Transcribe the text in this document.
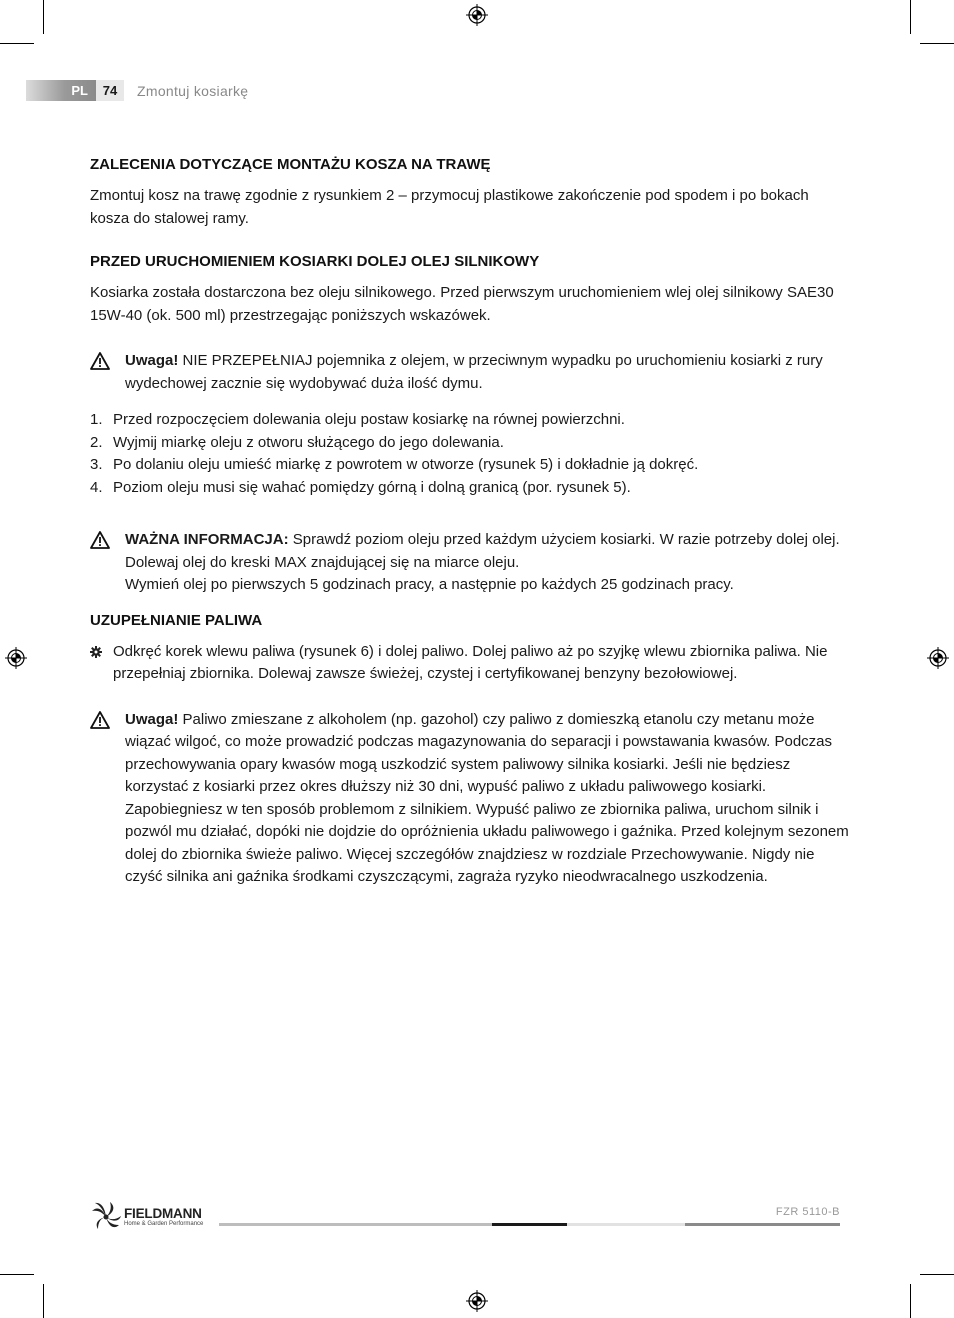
PL	74	Zmontuj kosiarkę
ZALECENIA DOTYCZĄCE MONTAŻU KOSZA NA TRAWĘ

Zmontuj kosz na trawę zgodnie z rysunkiem 2 – przymocuj plastikowe zakończenie pod spodem i po bokach kosza do stalowej ramy.

PRZED URUCHOMIENIEM KOSIARKI DOLEJ OLEJ SILNIKOWY

Kosiarka została dostarczona bez oleju silnikowego. Przed pierwszym uruchomieniem wlej olej silnikowy SAE30 15W-40 (ok. 500 ml) przestrzegając poniższych wskazówek.

Uwaga! NIE PRZEPEŁNIAJ pojemnika z olejem, w przeciwnym wypadku po uruchomieniu kosiarki z rury wydechowej zacznie się wydobywać duża ilość dymu.

1. Przed rozpoczęciem dolewania oleju postaw kosiarkę na równej powierzchni.
2. Wyjmij miarkę oleju z otworu służącego do jego dolewania.
3. Po dolaniu oleju umieść miarkę z powrotem w otworze (rysunek 5) i dokładnie ją dokręć.
4. Poziom oleju musi się wahać pomiędzy górną i dolną granicą (por. rysunek 5).

WAŻNA INFORMACJA: Sprawdź poziom oleju przed każdym użyciem kosiarki. W razie potrzeby dolej olej. Dolewaj olej do kreski MAX znajdującej się na miarce oleju.

Wymień olej po pierwszych 5 godzinach pracy, a następnie po każdych 25 godzinach pracy.

UZUPEŁNIANIE PALIWA

Odkręć korek wlewu paliwa (rysunek 6) i dolej paliwo. Dolej paliwo aż po szyjkę wlewu zbiornika paliwa. Nie przepełniaj zbiornika. Dolewaj zawsze świeżej, czystej i certyfikowanej benzyny bezołowiowej.

Uwaga! Paliwo zmieszane z alkoholem (np. gazohol) czy paliwo z domieszką etanolu czy metanu może wiązać wilgoć, co może prowadzić podczas magazynowania do separacji i powstawania kwasów. Podczas przechowywania opary kwasów mogą uszkodzić system paliwowy silnika kosiarki. Jeśli nie będziesz korzystać z kosiarki przez okres dłuższy niż 30 dni, wypuść paliwo z układu paliwowego kosiarki. Zapobiegniesz w ten sposób problemom z silnikiem. Wypuść paliwo ze zbiornika paliwa, uruchom silnik i pozwól mu działać, dopóki nie dojdzie do opróżnienia układu paliwowego i gaźnika. Przed kolejnym sezonem dolej do zbiornika świeże paliwo. Więcej szczegółów znajdziesz w rozdziale Przechowywanie. Nigdy nie czyść silnika ani gaźnika środkami czyszczącymi, zagraża ryzyko nieodwracalnego uszkodzenia.

FIELDMANN
Home & Garden Performance
FZR 5110-B
